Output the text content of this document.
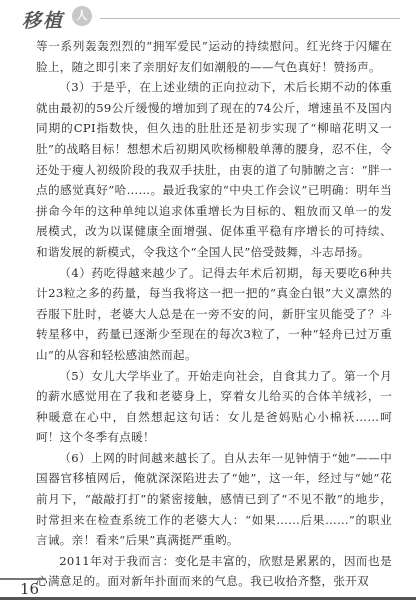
移植	人生

等一系列轰轰烈烈的“拥军爱民”运动的持续慰问。红光终于闪耀在脸上，随之即引来了亲朋好友们如潮般的——气色真好！赞扬声。

（3）于是乎，在上述业绩的正向拉动下，术后长期不动的体重就由最初的59公斤缓慢的增加到了现在的74公斤，增速虽不及国内同期的CPI指数快，但久违的肚肚还是初步实现了“柳暗花明又一肚”的战略目标！想想术后初期风吹杨柳般单薄的腰身，忍不住，令还处于瘦人初级阶段的我双手扶肚，由衷的道了句肺腑之言：“胖一点的感觉真好”哈……。最近我家的“中央工作会议”已明确：明年当拼命今年的这种单纯以追求体重增长为目标的、粗放而又单一的发展模式，改为以谋健康全面增强、促体重平稳有序增长的可持续、和谐发展的新模式，令我这个“全国人民”倍受鼓舞，斗志昂扬。

（4）药吃得越来越少了。记得去年术后初期，每天要吃6种共计23粒之多的药量，每当我将这一把一把的“真金白银”大义凛然的吞服下肚时，老婆大人总是在一旁不安的问，新肝宝贝能受了？斗转星移中，药量已逐渐少至现在的每次3粒了，一种“轻舟已过万重山”的从容和轻松感油然而起。

（5）女儿大学毕业了。开始走向社会，自食其力了。第一个月的薪水感觉用在了我和老婆身上，穿着女儿给买的合体羊绒衫，一种暖意在心中，自然想起这句话：女儿是爸妈贴心小棉袄……呵呵！这个冬季有点暖！

（6）上网的时间越来越长了。自从去年一见钟情于“她”——中国器官移植网后，俺就深深陷进去了“她”，这一年，经过与“她”花前月下，“敲敲打打”的紧密接触，感情已到了“不见不散”的地步，时常担来在检查系统工作的老婆大人：“如果……后果……”的职业言诫。亲！看来“后果”真满挺严重哟。

2011年对于我而言：变化是丰富的，欣慰是累累的，因而也是心满意足的。面对新年扑面而来的气息。我已收拾齐整，张开双

16
